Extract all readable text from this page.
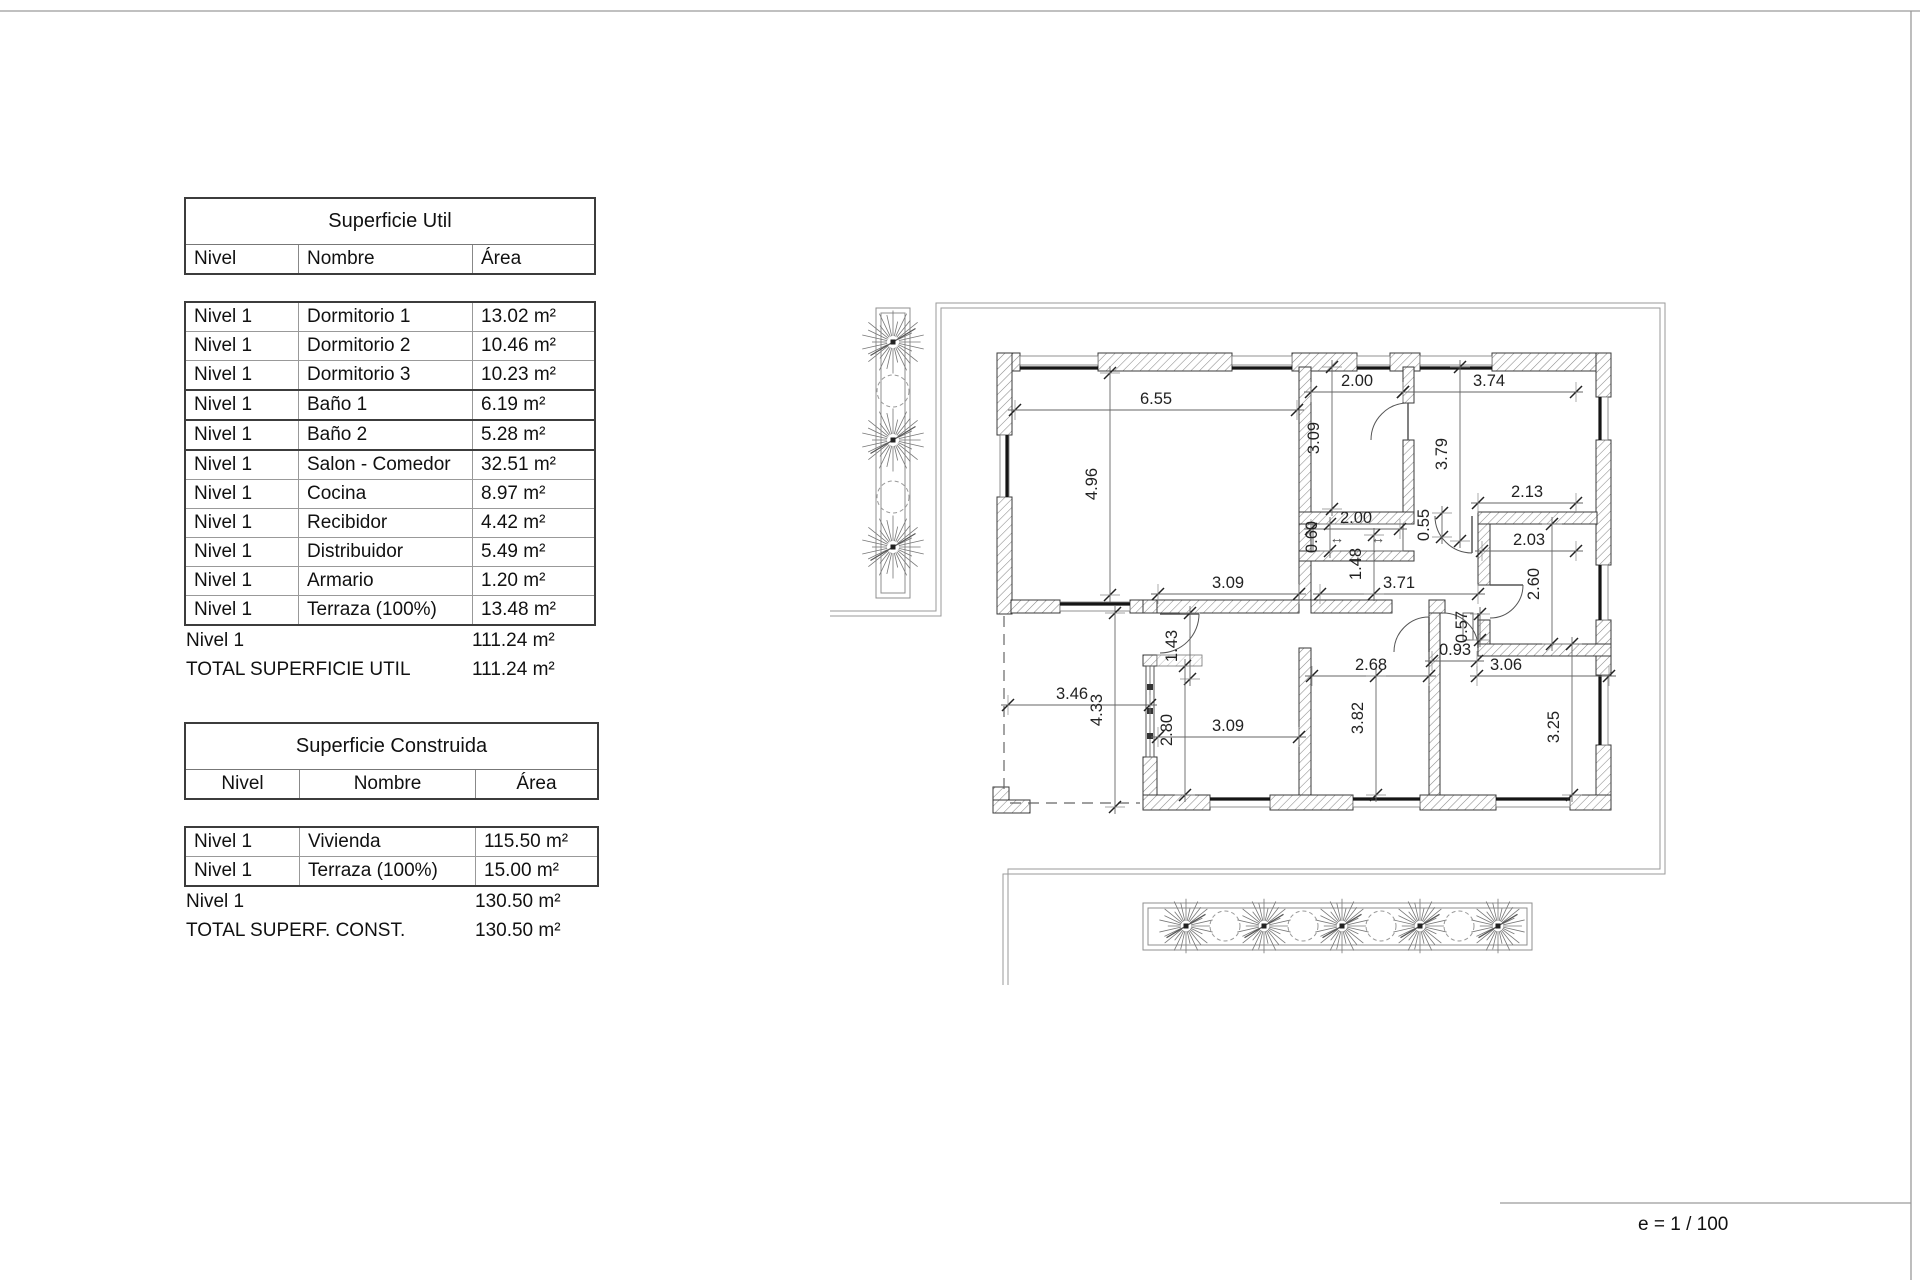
↔ ↔
6.55
2.00	3.74
2.13
2.00
2.03
3.09	3.71
2.68
0.93
3.06
3.09
3.46
4.96
3.09	3.79
0.60	0.55
1.48
2.60
1.43
0.57
4.33
2.80	3.82	3.25
Superficie Util
Nivel	Nombre	Área
Nivel 1	Dormitorio 1	13.02 m²
Nivel 1	Dormitorio 2	10.46 m²
Nivel 1	Dormitorio 3	10.23 m²
Nivel 1	Baño 1	6.19 m²
Nivel 1	Baño 2	5.28 m²
Nivel 1	Salon - Comedor	32.51 m²
Nivel 1	Cocina	8.97 m²
Nivel 1	Recibidor	4.42 m²
Nivel 1	Distribuidor	5.49 m²
Nivel 1	Armario	1.20 m²
Nivel 1	Terraza (100%)	13.48 m²
Nivel 1	111.24 m²
TOTAL SUPERFICIE UTIL	111.24 m²
Superficie Construida
Nivel	Nombre	Área
Nivel 1	Vivienda	115.50 m²
Nivel 1	Terraza (100%)	15.00 m²
Nivel 1	130.50 m²
TOTAL SUPERF. CONST.	130.50 m²
e = 1 / 100
